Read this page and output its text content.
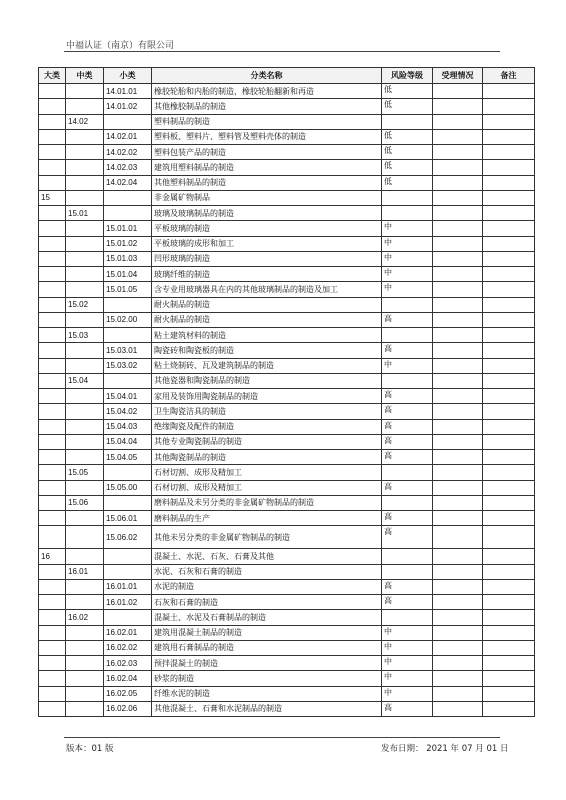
中福认证（南京）有限公司
大类	中类	小类	分类名称	风险等级	受理情况	备注
		14.01.01	橡胶轮胎和内胎的制造，橡胶轮胎翻新和再造	低		
		14.01.02	其他橡胶制品的制造	低		
	14.02		塑料制品的制造			
		14.02.01	塑料板、塑料片、塑料管及塑料壳体的制造	低		
		14.02.02	塑料包装产品的制造	低		
		14.02.03	建筑用塑料制品的制造	低		
		14.02.04	其他塑料制品的制造	低		
15			非金属矿物制品			
	15.01		玻璃及玻璃制品的制造			
		15.01.01	平板玻璃的制造	中		
		15.01.02	平板玻璃的成形和加工	中		
		15.01.03	凹形玻璃的制造	中		
		15.01.04	玻璃纤维的制造	中		
		15.01.05	含专业用玻璃器具在内的其他玻璃制品的制造及加工	中		
	15.02		耐火制品的制造			
		15.02.00	耐火制品的制造	高		
	15.03		粘土建筑材料的制造			
		15.03.01	陶瓷砖和陶瓷板的制造	高		
		15.03.02	粘土烧制砖、瓦及建筑制品的制造	中		
	15.04		其他瓷器和陶瓷制品的制造			
		15.04.01	家用及装饰用陶瓷制品的制造	高		
		15.04.02	卫生陶瓷洁具的制造	高		
		15.04.03	绝缘陶瓷及配件的制造	高		
		15.04.04	其他专业陶瓷制品的制造	高		
		15.04.05	其他陶瓷制品的制造	高		
	15.05		石材切割、成形及精加工			
		15.05.00	石材切割、成形及精加工	高		
	15.06		磨料制品及未另分类的非金属矿物制品的制造			
		15.06.01	磨料制品的生产	高		
		15.06.02	其他未另分类的非金属矿物制品的制造	高		
16			混凝土、水泥、石灰、石膏及其他			
	16.01		水泥、石灰和石膏的制造			
		16.01.01	水泥的制造	高		
		16.01.02	石灰和石膏的制造	高		
	16.02		混凝土、水泥及石膏制品的制造			
		16.02.01	建筑用混凝土制品的制造	中		
		16.02.02	建筑用石膏制品的制造	中		
		16.02.03	预拌混凝土的制造	中		
		16.02.04	砂浆的制造	中		
		16.02.05	纤维水泥的制造	中		
		16.02.06	其他混凝土、石膏和水泥制品的制造	高		
版本：01 版	发布日期： 2021 年 07 月 01 日
